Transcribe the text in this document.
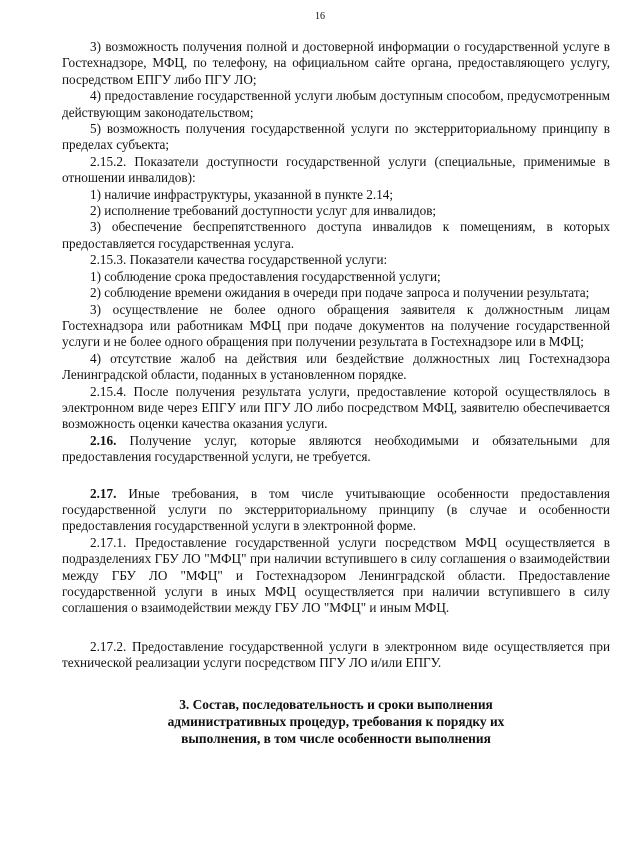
16

3) возможность получения полной и достоверной информации о государственной услуге в Гостехнадзоре, МФЦ, по телефону, на официальном сайте органа, предоставляющего услугу, посредством ЕПГУ либо ПГУ ЛО;

4) предоставление государственной услуги любым доступным способом, предусмотренным действующим законодательством;

5) возможность получения государственной услуги по экстерриториальному принципу в пределах субъекта;

2.15.2. Показатели доступности государственной услуги (специальные, применимые в отношении инвалидов):

1) наличие инфраструктуры, указанной в пункте 2.14;

2) исполнение требований доступности услуг для инвалидов;

3) обеспечение беспрепятственного доступа инвалидов к помещениям, в которых предоставляется государственная услуга.

2.15.3. Показатели качества государственной услуги:

1) соблюдение срока предоставления государственной услуги;

2) соблюдение времени ожидания в очереди при подаче запроса и получении результата;

3) осуществление не более одного обращения заявителя к должностным лицам Гостехнадзора или работникам МФЦ при подаче документов на получение государственной услуги и не более одного обращения при получении результата в Гостехнадзоре или в МФЦ;

4) отсутствие жалоб на действия или бездействие должностных лиц Гостехнадзора Ленинградской области, поданных в установленном порядке.

2.15.4. После получения результата услуги, предоставление которой осуществлялось в электронном виде через ЕПГУ или ПГУ ЛО либо посредством МФЦ, заявителю обеспечивается возможность оценки качества оказания услуги.

2.16. Получение услуг, которые являются необходимыми и обязательными для предоставления государственной услуги, не требуется.

2.17. Иные требования, в том числе учитывающие особенности предоставления государственной услуги по экстерриториальному принципу (в случае и особенности предоставления государственной услуги в электронной форме.

2.17.1. Предоставление государственной услуги посредством МФЦ осуществляется в подразделениях ГБУ ЛО "МФЦ" при наличии вступившего в силу соглашения о взаимодействии между ГБУ ЛО "МФЦ" и Гостехнадзором Ленинградской области. Предоставление государственной услуги в иных МФЦ осуществляется при наличии вступившего в силу соглашения о взаимодействии между ГБУ ЛО "МФЦ" и иным МФЦ.

2.17.2. Предоставление государственной услуги в электронном виде осуществляется при технической реализации услуги посредством ПГУ ЛО и/или ЕПГУ.

3. Состав, последовательность и сроки выполнения
административных процедур, требования к порядку их
выполнения, в том числе особенности выполнения
